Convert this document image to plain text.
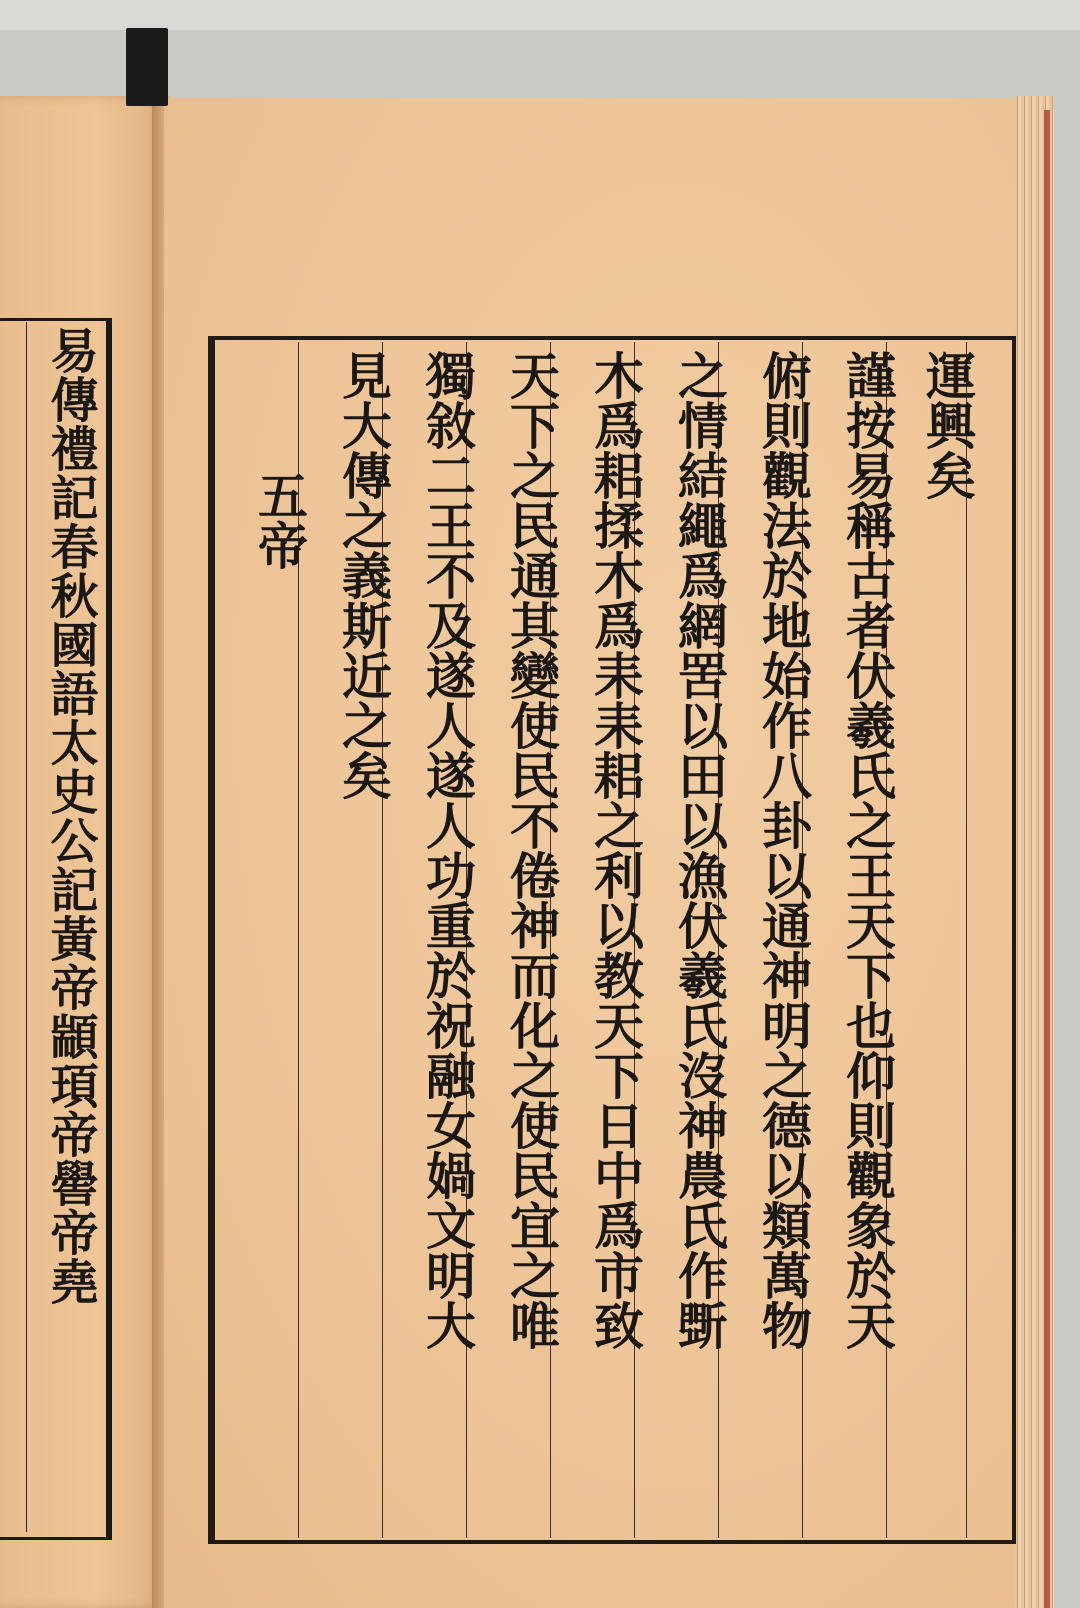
易傳禮記春秋國語太史公記黃帝顓頊帝嚳帝堯	運興矣
謹按易稱古者伏羲氏之王天下也仰則觀象於天
俯則觀法於地始作八卦以通神明之德以類萬物
之情結繩爲網罟以田以漁伏羲氏沒神農氏作斲
木爲耜揉木爲耒耒耜之利以教天下日中爲市致
天下之民通其變使民不倦神而化之使民宜之唯
獨敘二王不及遂人遂人功重於祝融女媧文明大
見大傳之義斯近之矣
五帝
